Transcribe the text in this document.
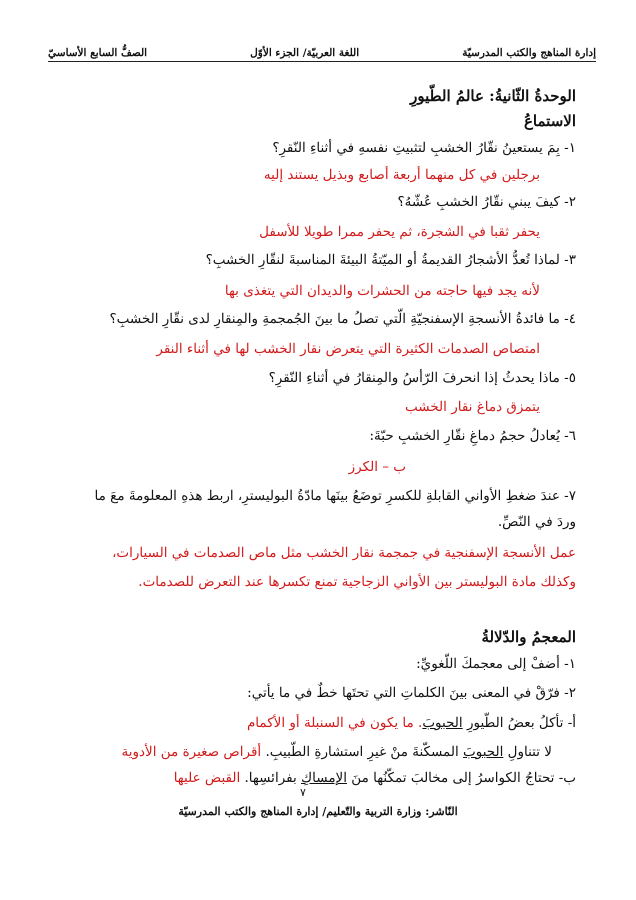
إدارة المناهج والكتب المدرسيّة
اللغة العربيّة/ الجزء الأوّل
الصفُّ السابع الأساسيّ
الوحدةُ الثّانيةُ: عالمُ الطّيورِ
الاستماعُ
١- بِمَ يستعينُ نقّارُ الخشبِ لتثبيتِ نفسهِ في أثناءِ النّقرِ؟
برجلين في كل منهما أربعة أصابع وبذيل يستند إليه
٢- كيفَ يبني نقّارُ الخشبِ عُشّهُ؟
يحفر ثقبا في الشجرة، ثم يحفر ممرا طويلا للأسفل
٣- لماذا تُعدُّ الأشجارُ القديمةُ أو الميّتةُ البيئةَ المناسبةَ لنقّارِ الخشبِ؟
لأنه يجد فيها حاجته من الحشرات والديدان التي يتغذى بها
٤- ما فائدةُ الأنسجةِ الإسفنجيّةِ الّتي تصلُ ما بينَ الجُمجمةِ والمِنقارِ لدى نقّارِ الخشبِ؟
امتصاص الصدمات الكثيرة التي يتعرض نقار الخشب لها في أثناء النقر
٥- ماذا يحدثُ إذا انحرفَ الرّأسُ والمِنقارُ في أثناءِ النّقرِ؟
يتمزق دماغ نقار الخشب
٦- يُعادلُ حجمُ دماغِ نقّارِ الخشبِ حبّةَ:
ب – الكرز
٧- عندَ ضغطِ الأواني القابلةِ للكسرِ توضَعُ بينَها مادّةُ البوليسترِ، اربط هذهِ المعلومةَ معَ ما
وردَ في النّصِّ.
عمل الأنسجة الإسفنجية في جمجمة نقار الخشب مثل ماص الصدمات في السيارات،
وكذلك مادة البوليستر بين الأواني الزجاجية تمنع تكسرها عند التعرض للصدمات.
المعجمُ والدّلالةُ
١- أضفْ إلى معجمكَ اللّغويِّ:
٢- فرّقْ في المعنى بينَ الكلماتِ التي تحتَها خطٌ في ما يأتي:
أ- تأكلُ بعضُ الطّيورِ الحبوبَ. ما يكون في السنبلة أو الأكمام
لا تتناولِ الحبوبَ المسكّنةَ منْ غيرِ استشارةِ الطّبيبِ. أقراص صغيرة من الأدوية
ب- تحتاجُ الكواسرُ إلى مخالبَ تمكّنُها منَ الإمساكِ بفرائسِها. القبض عليها
٧
النّاشر: وزارة التربية والتّعليم/ إدارة المناهج والكتب المدرسيّة
